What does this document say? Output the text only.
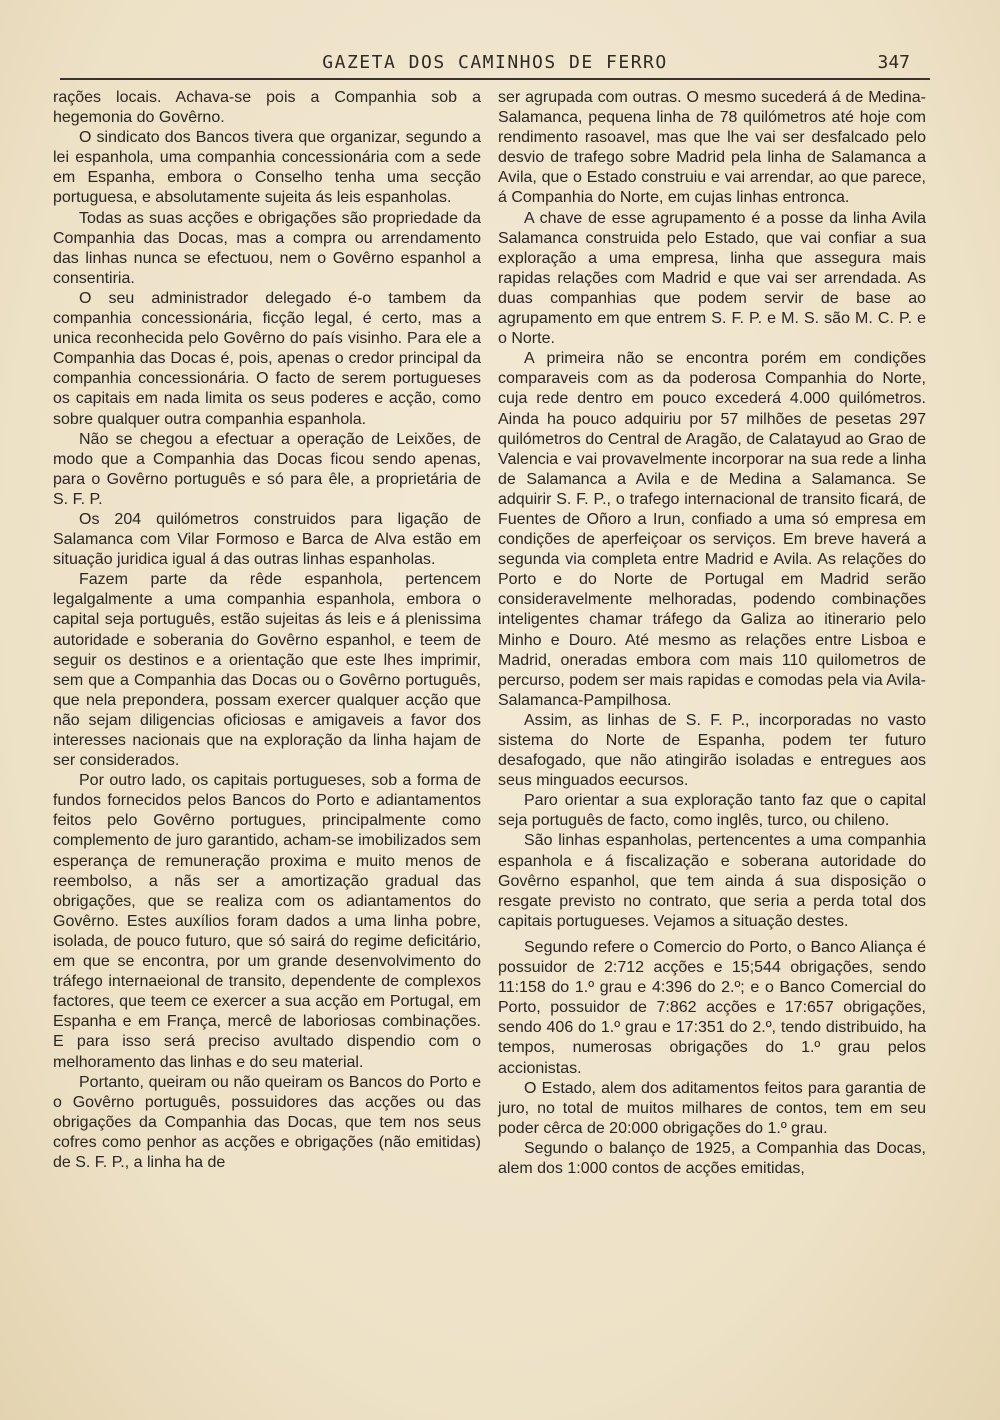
GAZETA DOS CAMINHOS DE FERRO	347

rações locais. Achava-se pois a Companhia sob a hegemonia do Govêrno.

O sindicato dos Bancos tivera que organizar, segundo a lei espanhola, uma companhia concessionária com a sede em Espanha, embora o Conselho tenha uma secção portuguesa, e absolutamente sujeita ás leis espanholas.

Todas as suas acções e obrigações são propriedade da Companhia das Docas, mas a compra ou arrendamento das linhas nunca se efectuou, nem o Govêrno espanhol a consentiria.

O seu administrador delegado é-o tambem da companhia concessionária, ficção legal, é certo, mas a unica reconhecida pelo Govêrno do país visinho. Para ele a Companhia das Docas é, pois, apenas o credor principal da companhia concessionária. O facto de serem portugueses os capitais em nada limita os seus poderes e acção, como sobre qualquer outra companhia espanhola.

Não se chegou a efectuar a operação de Leixões, de modo que a Companhia das Docas ficou sendo apenas, para o Govêrno português e só para êle, a proprietária de S. F. P.

Os 204 quilómetros construidos para ligação de Salamanca com Vilar Formoso e Barca de Alva estão em situação juridica igual á das outras linhas espanholas.

Fazem parte da rêde espanhola, pertencem legalgalmente a uma companhia espanhola, embora o capital seja português, estão sujeitas ás leis e á plenissima autoridade e soberania do Govêrno espanhol, e teem de seguir os destinos e a orientação que este lhes imprimir, sem que a Companhia das Docas ou o Govêrno português, que nela prepondera, possam exercer qualquer acção que não sejam diligencias oficiosas e amigaveis a favor dos interesses nacionais que na exploração da linha hajam de ser considerados.

Por outro lado, os capitais portugueses, sob a forma de fundos fornecidos pelos Bancos do Porto e adiantamentos feitos pelo Govêrno portugues, principalmente como complemento de juro garantido, acham-se imobilizados sem esperança de remuneração proxima e muito menos de reembolso, a nãs ser a amortização gradual das obrigações, que se realiza com os adiantamentos do Govêrno. Estes auxílios foram dados a uma linha pobre, isolada, de pouco futuro, que só sairá do regime deficitário, em que se encontra, por um grande desenvolvimento do tráfego internaeional de transito, dependente de complexos factores, que teem ce exercer a sua acção em Portugal, em Espanha e em França, mercê de laboriosas combinações. E para isso será preciso avultado dispendio com o melhoramento das linhas e do seu material.

Portanto, queiram ou não queiram os Bancos do Porto e o Govêrno português, possuidores das acções ou das obrigações da Companhia das Docas, que tem nos seus cofres como penhor as acções e obrigações (não emitidas) de S. F. P., a linha ha de

ser agrupada com outras. O mesmo sucederá á de Medina-Salamanca, pequena linha de 78 quilómetros até hoje com rendimento rasoavel, mas que lhe vai ser desfalcado pelo desvio de trafego sobre Madrid pela linha de Salamanca a Avila, que o Estado construiu e vai arrendar, ao que parece, á Companhia do Norte, em cujas linhas entronca.

A chave de esse agrupamento é a posse da linha Avila Salamanca construida pelo Estado, que vai confiar a sua exploração a uma empresa, linha que assegura mais rapidas relações com Madrid e que vai ser arrendada. As duas companhias que podem servir de base ao agrupamento em que entrem S. F. P. e M. S. são M. C. P. e o Norte.

A primeira não se encontra porém em condições comparaveis com as da poderosa Companhia do Norte, cuja rede dentro em pouco excederá 4.000 quilómetros. Ainda ha pouco adquiriu por 57 milhões de pesetas 297 quilómetros do Central de Aragão, de Calatayud ao Grao de Valencia e vai provavelmente incorporar na sua rede a linha de Salamanca a Avila e de Medina a Salamanca. Se adquirir S. F. P., o trafego internacional de transito ficará, de Fuentes de Oñoro a Irun, confiado a uma só empresa em condições de aperfeiçoar os serviços. Em breve haverá a segunda via completa entre Madrid e Avila. As relações do Porto e do Norte de Portugal em Madrid serão consideravelmente melhoradas, podendo combinações inteligentes chamar tráfego da Galiza ao itinerario pelo Minho e Douro. Até mesmo as relações entre Lisboa e Madrid, oneradas embora com mais 110 quilometros de percurso, podem ser mais rapidas e comodas pela via Avila-Salamanca-Pampilhosa.

Assim, as linhas de S. F. P., incorporadas no vasto sistema do Norte de Espanha, podem ter futuro desafogado, que não atingirão isoladas e entregues aos seus minguados eecursos.

Paro orientar a sua exploração tanto faz que o capital seja português de facto, como inglês, turco, ou chileno.

São linhas espanholas, pertencentes a uma companhia espanhola e á fiscalização e soberana autoridade do Govêrno espanhol, que tem ainda á sua disposição o resgate previsto no contrato, que seria a perda total dos capitais portugueses. Vejamos a situação destes.

Segundo refere o Comercio do Porto, o Banco Aliança é possuidor de 2:712 acções e 15;544 obrigações, sendo 11:158 do 1.º grau e 4:396 do 2.º; e o Banco Comercial do Porto, possuidor de 7:862 acções e 17:657 obrigações, sendo 406 do 1.º grau e 17:351 do 2.º, tendo distribuido, ha tempos, numerosas obrigações do 1.º grau pelos accionistas.

O Estado, alem dos aditamentos feitos para garantia de juro, no total de muitos milhares de contos, tem em seu poder cêrca de 20:000 obrigações do 1.º grau.

Segundo o balanço de 1925, a Companhia das Docas, alem dos 1:000 contos de acções emitidas,
